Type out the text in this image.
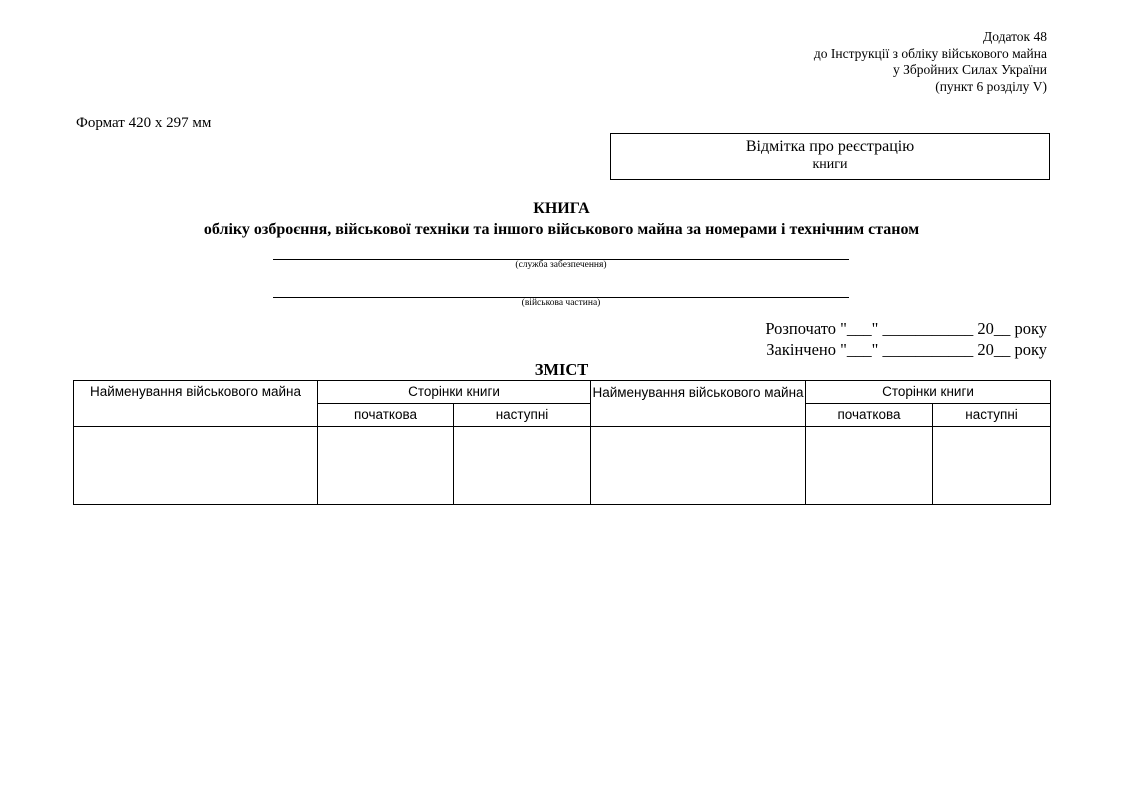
Додаток 48
до Інструкції з обліку військового майна
у Збройних Силах України
(пункт 6 розділу V)
Формат 420 х 297 мм
Відмітка про реєстрацію
книги
КНИГА
обліку озброєння, військової техніки та іншого військового майна за номерами і технічним станом
(служба забезпечення)
(військова частина)
Розпочато "___" ___________ 20__ року
Закінчено "___" ___________ 20__ року
ЗМІСТ
Найменування військового майна	Сторінки книги		Найменування військового майна	Сторінки книги	
	початкова	наступні		початкова	наступні
